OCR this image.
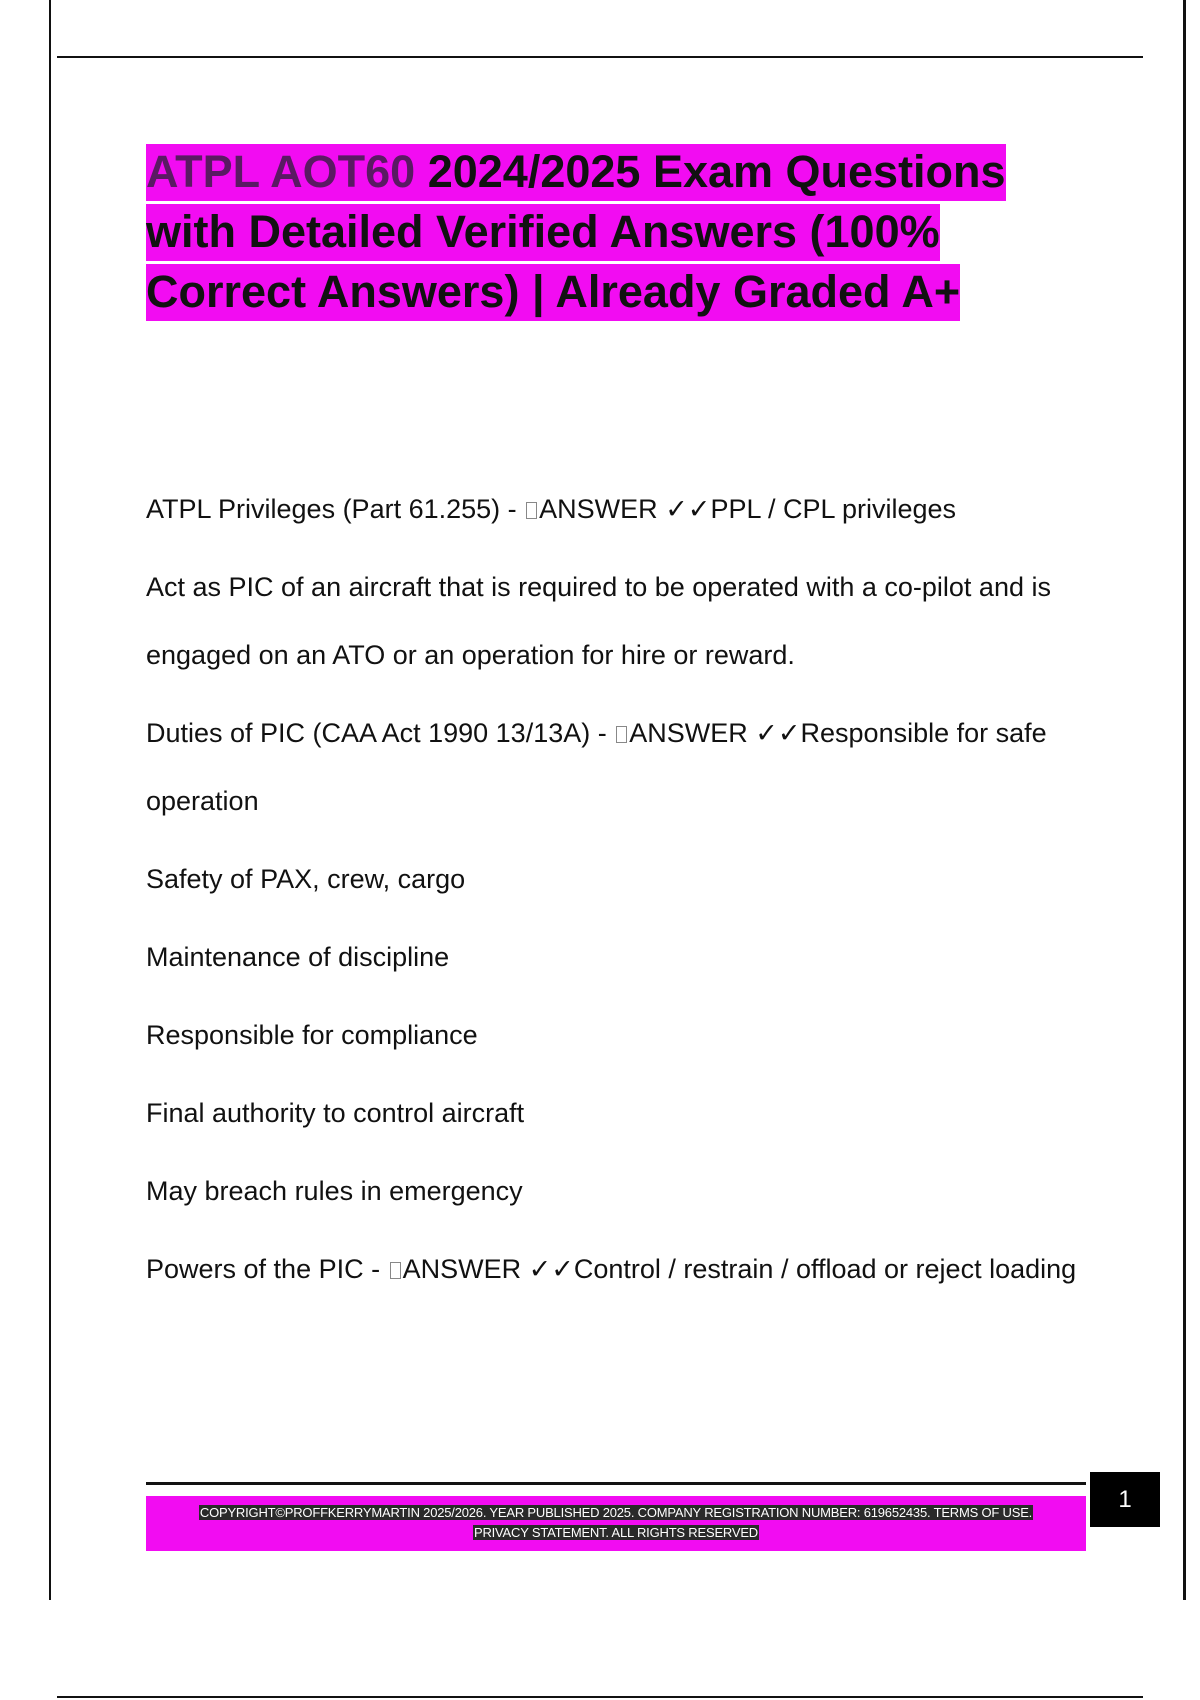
ATPL AOT60 2024/2025 Exam Questions with Detailed Verified Answers (100% Correct Answers) | Already Graded A+

ATPL Privileges (Part 61.255) - ANSWER ✓✓PPL / CPL privileges

Act as PIC of an aircraft that is required to be operated with a co-pilot and is engaged on an ATO or an operation for hire or reward.

Duties of PIC (CAA Act 1990 13/13A) - ANSWER ✓✓Responsible for safe operation

Safety of PAX, crew, cargo

Maintenance of discipline

Responsible for compliance

Final authority to control aircraft

May breach rules in emergency

Powers of the PIC - ANSWER ✓✓Control / restrain / offload or reject loading

COPYRIGHT©PROFFKERRYMARTIN 2025/2026. YEAR PUBLISHED 2025. COMPANY REGISTRATION NUMBER: 619652435. TERMS OF USE.
PRIVACY STATEMENT. ALL RIGHTS RESERVED
1
